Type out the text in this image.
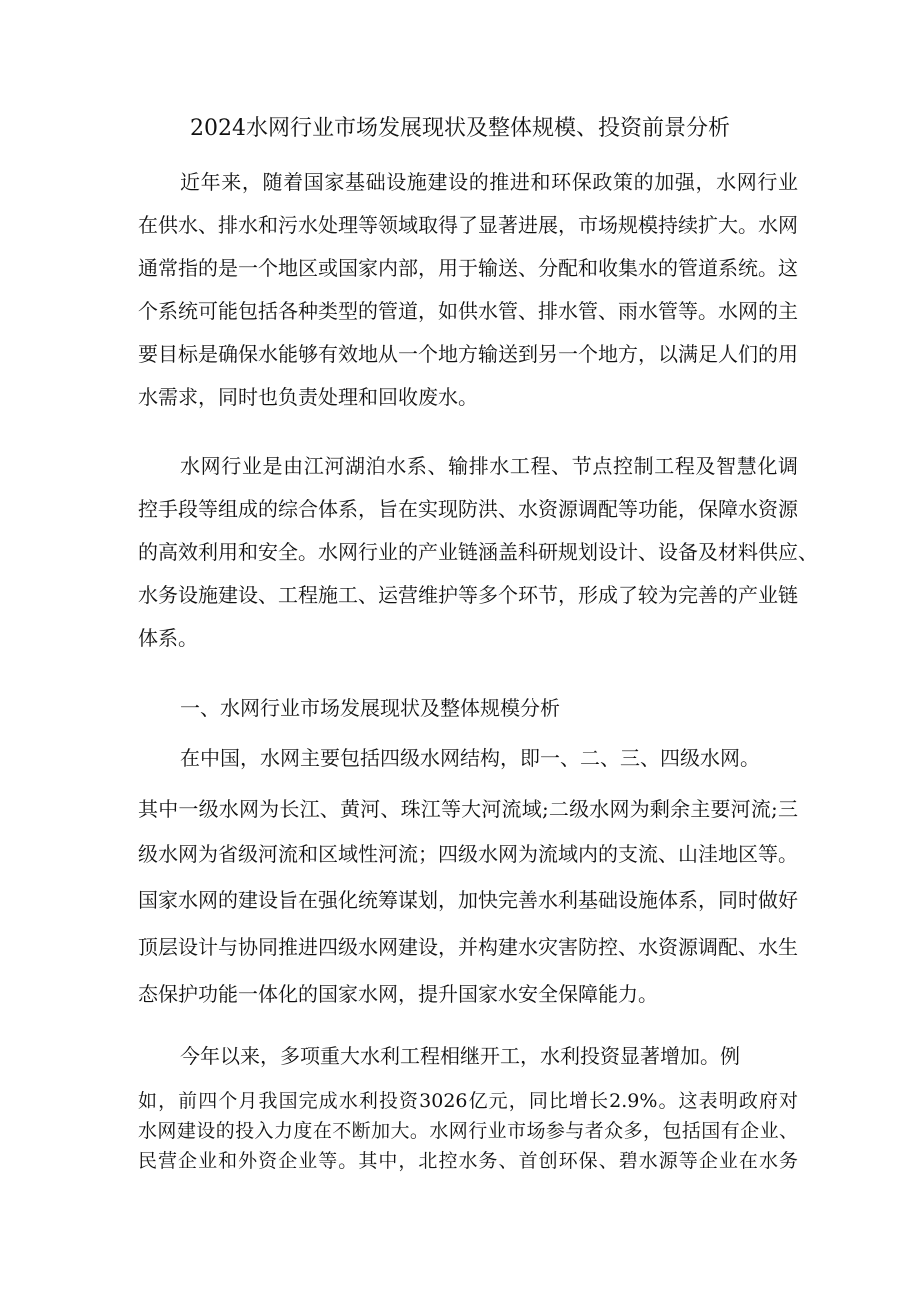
2024水网行业市场发展现状及整体规模、投资前景分析
近年来，随着国家基础设施建设的推进和环保政策的加强，水网行业
在供水、排水和污水处理等领域取得了显著进展，市场规模持续扩大。水网
通常指的是一个地区或国家内部，用于输送、分配和收集水的管道系统。这
个系统可能包括各种类型的管道，如供水管、排水管、雨水管等。水网的主
要目标是确保水能够有效地从一个地方输送到另一个地方，以满足人们的用
水需求，同时也负责处理和回收废水。
水网行业是由江河湖泊水系、输排水工程、节点控制工程及智慧化调
控手段等组成的综合体系，旨在实现防洪、水资源调配等功能，保障水资源
的高效利用和安全。水网行业的产业链涵盖科研规划设计、设备及材料供应、
水务设施建设、工程施工、运营维护等多个环节，形成了较为完善的产业链
体系。
一、水网行业市场发展现状及整体规模分析
在中国，水网主要包括四级水网结构，即一、二、三、四级水网。
其中一级水网为长江、黄河、珠江等大河流域;二级水网为剩余主要河流;三
级水网为省级河流和区域性河流；四级水网为流域内的支流、山洼地区等。
国家水网的建设旨在强化统筹谋划，加快完善水利基础设施体系，同时做好
顶层设计与协同推进四级水网建设，并构建水灾害防控、水资源调配、水生
态保护功能一体化的国家水网，提升国家水安全保障能力。
今年以来，多项重大水利工程相继开工，水利投资显著增加。例
如，前四个月我国完成水利投资3026亿元，同比增长2.9%。这表明政府对
水网建设的投入力度在不断加大。水网行业市场参与者众多，包括国有企业、
民营企业和外资企业等。其中，北控水务、首创环保、碧水源等企业在水务
